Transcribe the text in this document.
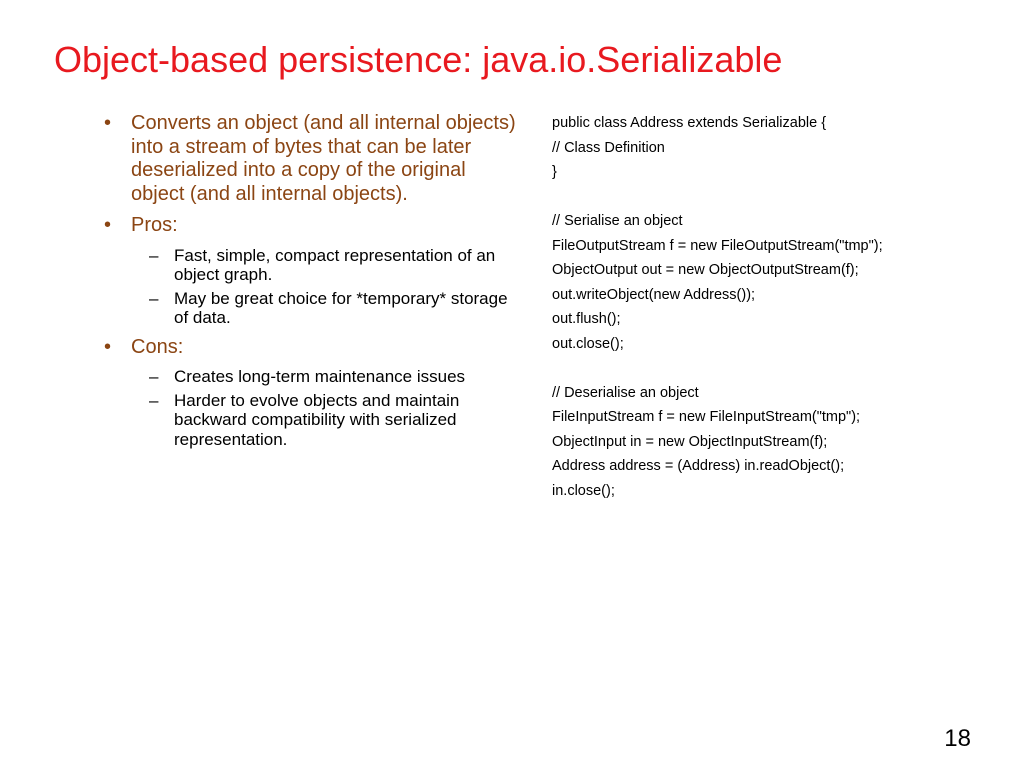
Object-based persistence: java.io.Serializable
• Converts an object (and all internal objects) into a stream of bytes that can be later deserialized into a copy of the original object (and all internal objects).
• Pros:
– Fast, simple, compact representation of an object graph.
– May be great choice for *temporary* storage of data.
• Cons:
– Creates long-term maintenance issues
– Harder to evolve objects and maintain backward compatibility with serialized representation.
public class Address extends Serializable {
// Class Definition
}
// Serialise an object
FileOutputStream f = new FileOutputStream("tmp");
ObjectOutput out = new ObjectOutputStream(f);
out.writeObject(new Address());
out.flush();
out.close();
// Deserialise an object
FileInputStream f = new FileInputStream("tmp");
ObjectInput in = new ObjectInputStream(f);
Address address = (Address) in.readObject();
in.close();
18
